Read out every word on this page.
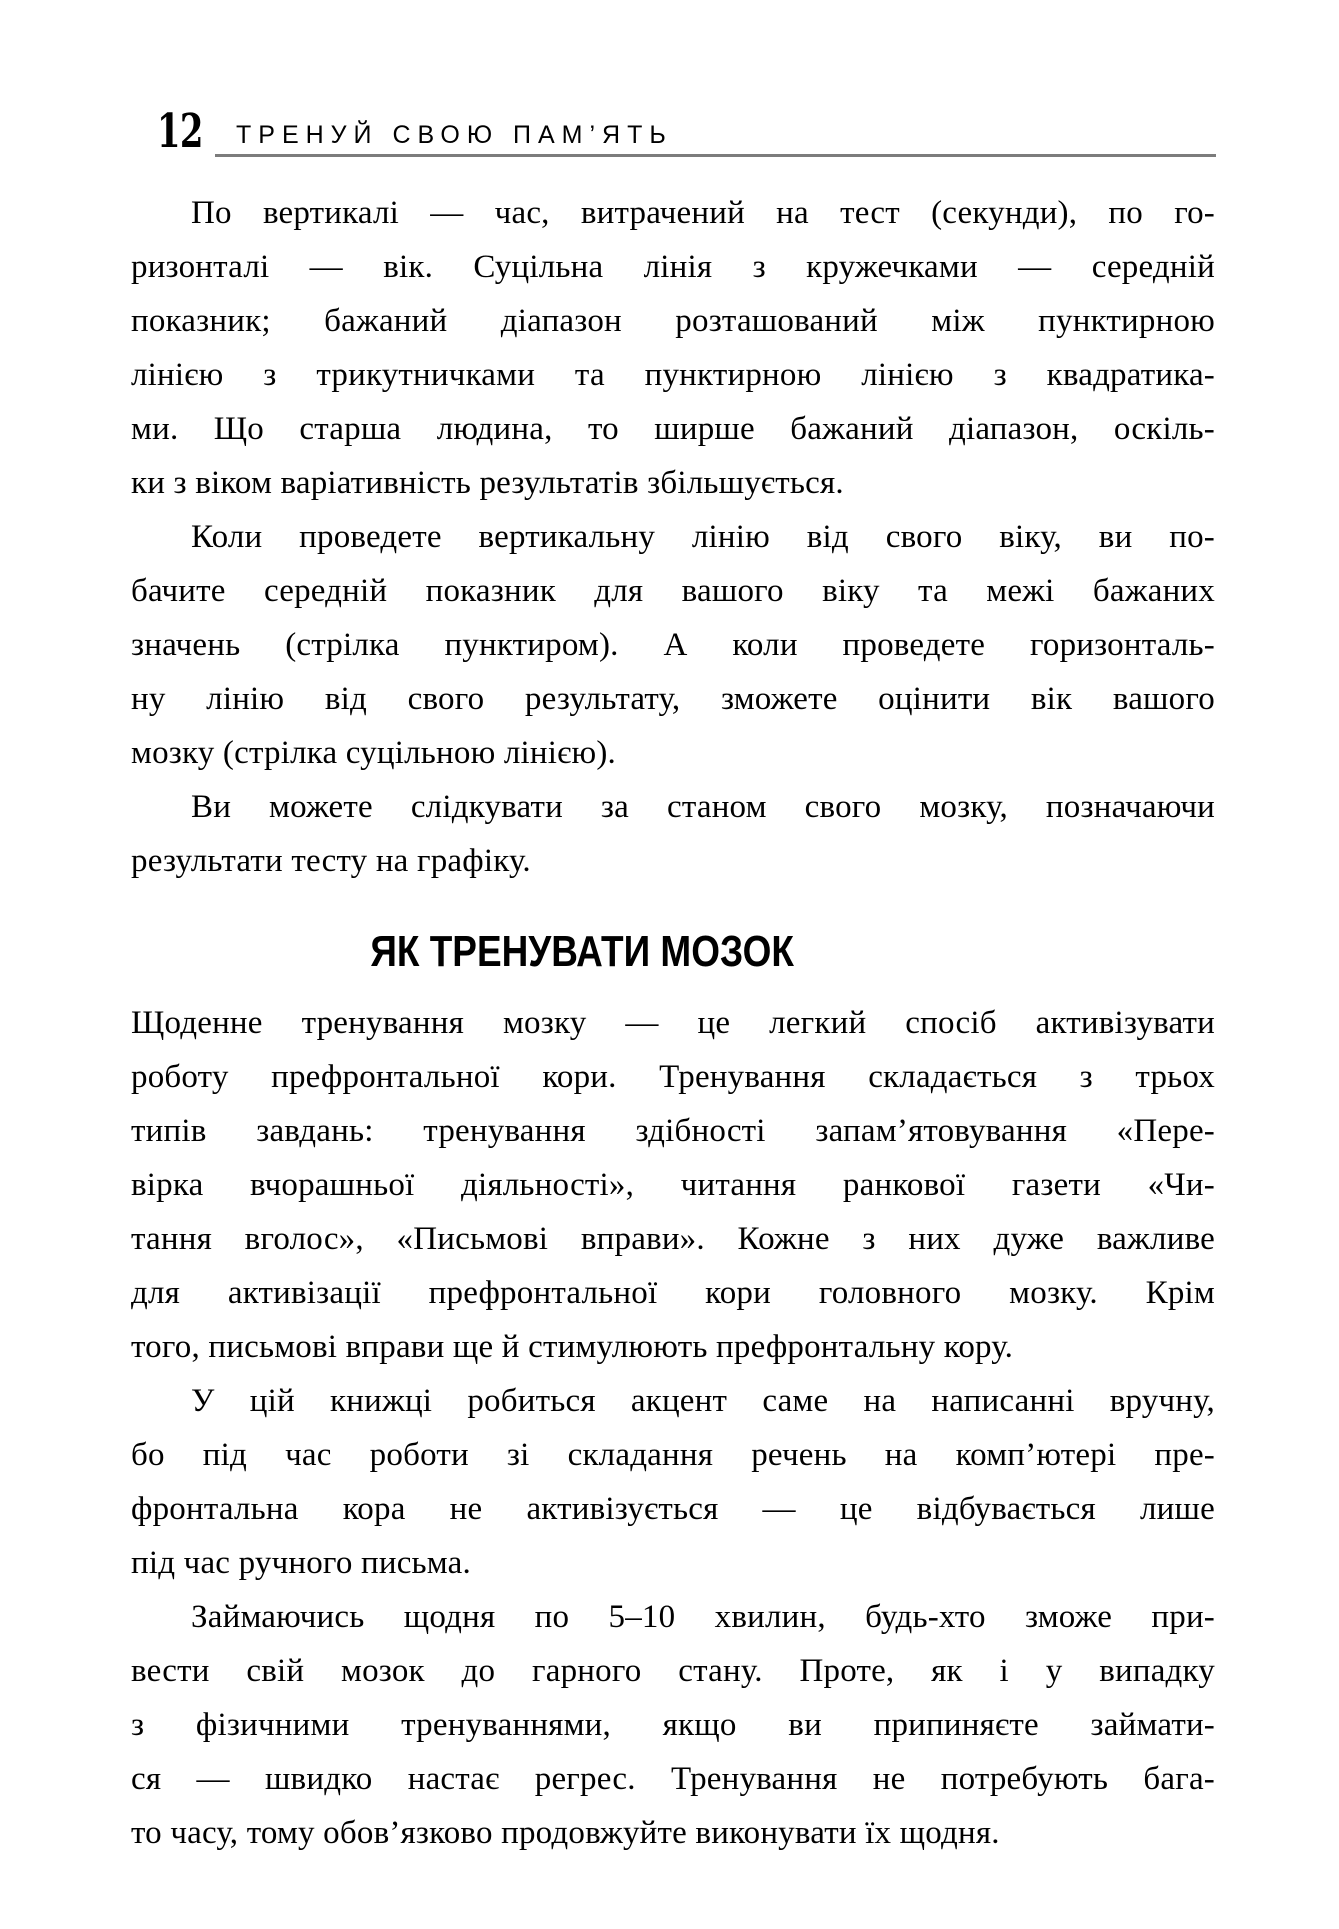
12 ТРЕНУЙ СВОЮ ПАМ’ЯТЬ
По вертикалі — час, витрачений на тест (секунди), по го-
ризонталі — вік. Суцільна лінія з кружечками — середній
показник; бажаний діапазон розташований між пунктирною
лінією з трикутничками та пунктирною лінією з квадратика-
ми. Що старша людина, то ширше бажаний діапазон, оскіль-
ки з віком варіативність результатів збільшується.
Коли проведете вертикальну лінію від свого віку, ви по-
бачите середній показник для вашого віку та межі бажаних
значень (стрілка пунктиром). А коли проведете горизонталь-
ну лінію від свого результату, зможете оцінити вік вашого
мозку (стрілка суцільною лінією).
Ви можете слідкувати за станом свого мозку, позначаючи
результати тесту на графіку.
ЯК ТРЕНУВАТИ МОЗОК
Щоденне тренування мозку — це легкий спосіб активізувати
роботу префронтальної кори. Тренування складається з трьох
типів завдань: тренування здібності запам’ятовування «Пере-
вірка вчорашньої діяльності», читання ранкової газети «Чи-
тання вголос», «Письмові вправи». Кожне з них дуже важливе
для активізації префронтальної кори головного мозку. Крім
того, письмові вправи ще й стимулюють префронтальну кору.
У цій книжці робиться акцент саме на написанні вручну,
бо під час роботи зі складання речень на комп’ютері пре-
фронтальна кора не активізується — це відбувається лише
під час ручного письма.
Займаючись щодня по 5–10 хвилин, будь-хто зможе при-
вести свій мозок до гарного стану. Проте, як і у випадку
з фізичними тренуваннями, якщо ви припиняєте займати-
ся — швидко настає регрес. Тренування не потребують бага-
то часу, тому обов’язково продовжуйте виконувати їх щодня.
